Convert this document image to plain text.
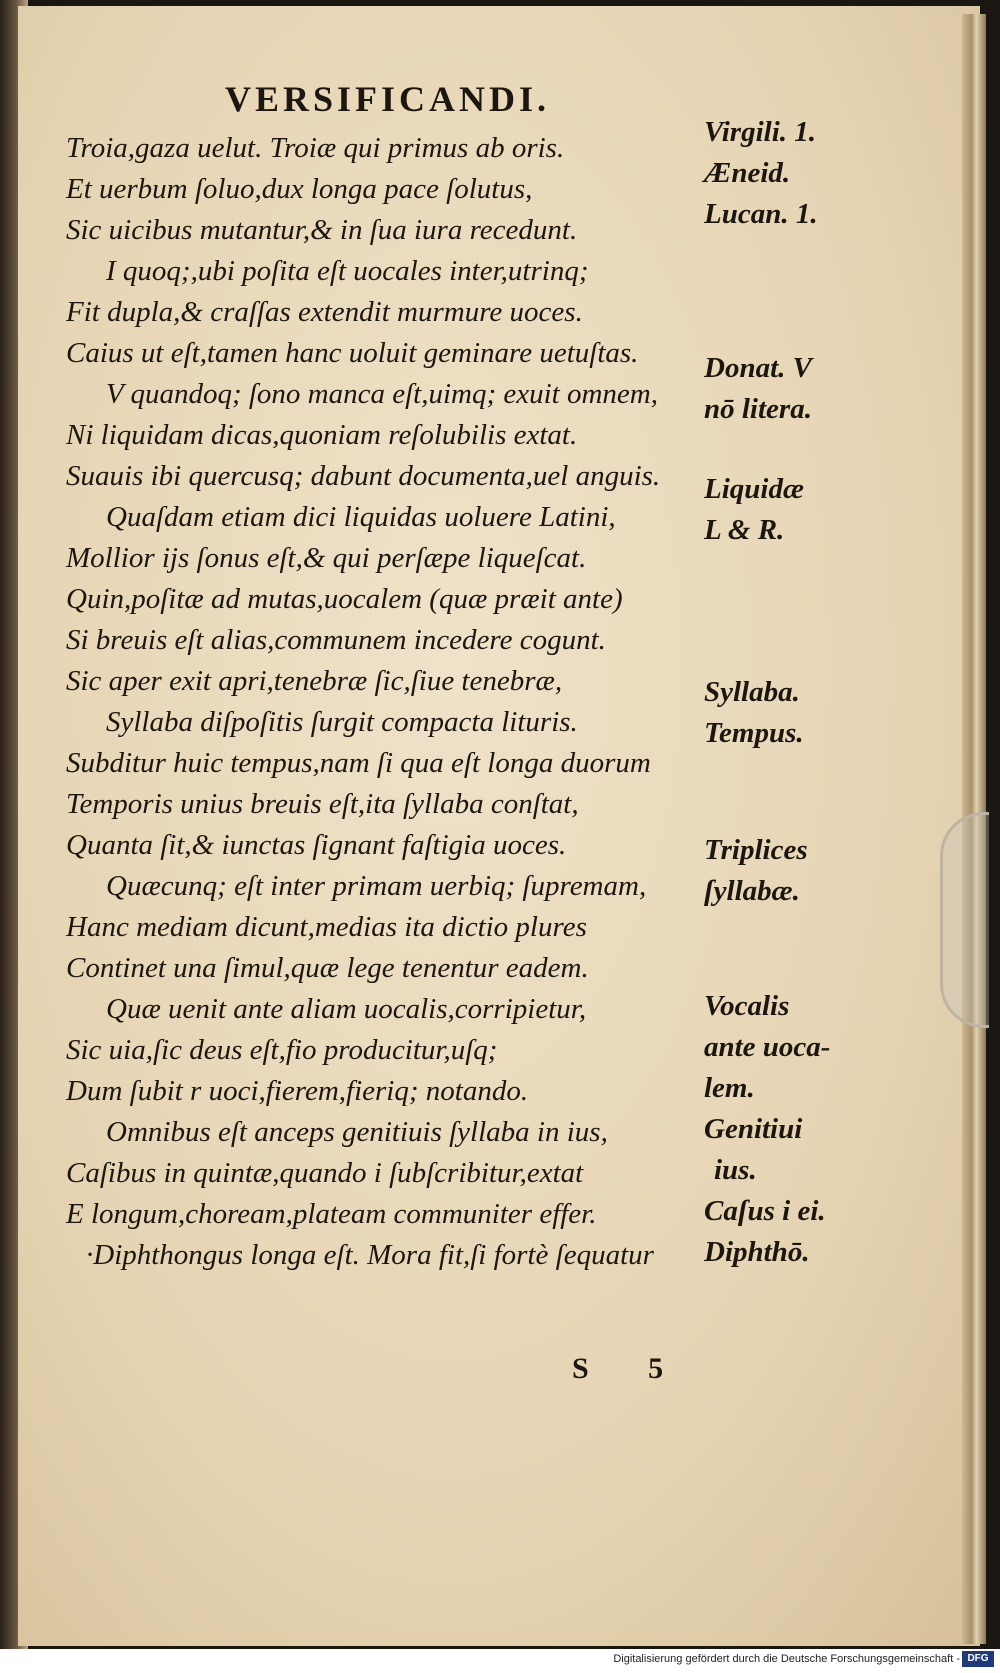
VERSIFICANDI.
Troia,gaza uelut. Troiæ qui primus ab oris.
Et uerbum ſoluo,dux longa pace ſolutus,
Sic uicibus mutantur,& in ſua iura recedunt.
I quoq;,ubi poſita eſt uocales inter,utrinq;
Fit dupla,& craſſas extendit murmure uoces.
Caius ut eſt,tamen hanc uoluit geminare uetuſtas.
V quandoq; ſono manca eſt,uimq; exuit omnem,
Ni liquidam dicas,quoniam reſolubilis extat.
Suauis ibi quercusq; dabunt documenta,uel anguis.
Quaſdam etiam dici liquidas uoluere Latini,
Mollior ijs ſonus eſt,& qui perſæpe liqueſcat.
Quin,poſitæ ad mutas,uocalem (quæ præit ante)
Si breuis eſt alias,communem incedere cogunt.
Sic aper exit apri,tenebræ ſic,ſiue tenebræ,
Syllaba diſpoſitis ſurgit compacta lituris.
Subditur huic tempus,nam ſi qua eſt longa duorum
Temporis unius breuis eſt,ita ſyllaba conſtat,
Quanta ſit,& iunctas ſignant faſtigia uoces.
Quæcunq; eſt inter primam uerbiq; ſupremam,
Hanc mediam dicunt,medias ita dictio plures
Continet una ſimul,quæ lege tenentur eadem.
Quæ uenit ante aliam uocalis,corripietur,
Sic uia,ſic deus eſt,fio producitur,uſq;
Dum ſubit r uoci,fierem,fieriq; notando.
Omnibus eſt anceps genitiuis ſyllaba in ius,
Caſibus in quintæ,quando i ſubſcribitur,extat
E longum,choream,plateam communiter effer.
·Diphthongus longa eſt. Mora fit,ſi fortè ſequatur
Virgili. 1.
Æneid.
Lucan. 1.
Donat. V
nō litera.
Liquidæ
L & R.
Syllaba.
Tempus.
Triplices
ſyllabæ.
Vocalis
ante uoca-
lem.
Genitiui
ius.
Caſus i ei.
Diphthō.
S 5
Digitalisierung gefördert durch die Deutsche Forschungsgemeinschaft - DFG
